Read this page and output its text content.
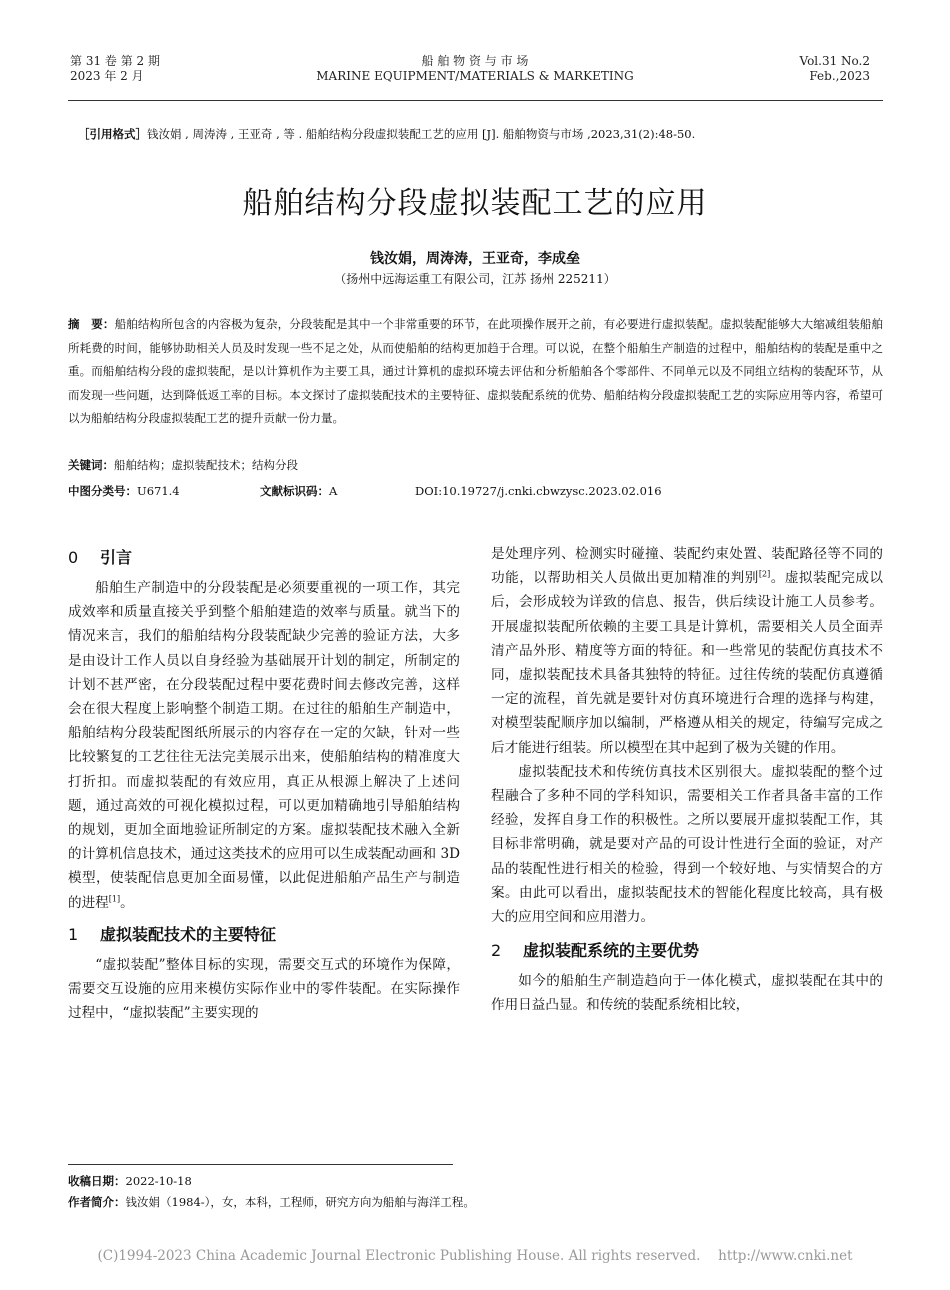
第 31 卷 第 2 期
2023 年 2 月
船 舶 物 资 与 市 场
MARINE EQUIPMENT/MATERIALS & MARKETING
Vol.31 No.2
Feb.,2023
［引用格式］钱汝娟 , 周涛涛 , 王亚奇 , 等 . 船舶结构分段虚拟装配工艺的应用 [J]. 船舶物资与市场 ,2023,31(2):48-50.
船舶结构分段虚拟装配工艺的应用
钱汝娟，周涛涛，王亚奇，李成垒
（扬州中远海运重工有限公司，江苏 扬州 225211）
摘　要：船舶结构所包含的内容极为复杂，分段装配是其中一个非常重要的环节，在此项操作展开之前，有必要进行虚拟装配。虚拟装配能够大大缩减组装船舶所耗费的时间，能够协助相关人员及时发现一些不足之处，从而使船舶的结构更加趋于合理。可以说，在整个船舶生产制造的过程中，船舶结构的装配是重中之重。而船舶结构分段的虚拟装配，是以计算机作为主要工具，通过计算机的虚拟环境去评估和分析船舶各个零部件、不同单元以及不同组立结构的装配环节，从而发现一些问题，达到降低返工率的目标。本文探讨了虚拟装配技术的主要特征、虚拟装配系统的优势、船舶结构分段虚拟装配工艺的实际应用等内容，希望可以为船舶结构分段虚拟装配工艺的提升贡献一份力量。
关键词：船舶结构；虚拟装配技术；结构分段
中图分类号：U671.4	文献标识码：A	DOI:10.19727/j.cnki.cbwzysc.2023.02.016
0 引言

船舶生产制造中的分段装配是必须要重视的一项工作，其完成效率和质量直接关乎到整个船舶建造的效率与质量。就当下的情况来言，我们的船舶结构分段装配缺少完善的验证方法，大多是由设计工作人员以自身经验为基础展开计划的制定，所制定的计划不甚严密，在分段装配过程中要花费时间去修改完善，这样会在很大程度上影响整个制造工期。在过往的船舶生产制造中，船舶结构分段装配图纸所展示的内容存在一定的欠缺，针对一些比较繁复的工艺往往无法完美展示出来，使船舶结构的精准度大打折扣。而虚拟装配的有效应用，真正从根源上解决了上述问题，通过高效的可视化模拟过程，可以更加精确地引导船舶结构的规划，更加全面地验证所制定的方案。虚拟装配技术融入全新的计算机信息技术，通过这类技术的应用可以生成装配动画和 3D 模型，使装配信息更加全面易懂，以此促进船舶产品生产与制造的进程[1]。

1 虚拟装配技术的主要特征

“虚拟装配”整体目标的实现，需要交互式的环境作为保障，需要交互设施的应用来模仿实际作业中的零件装配。在实际操作过程中，“虚拟装配”主要实现的

是处理序列、检测实时碰撞、装配约束处置、装配路径等不同的功能，以帮助相关人员做出更加精准的判别[2]。虚拟装配完成以后，会形成较为详致的信息、报告，供后续设计施工人员参考。开展虚拟装配所依赖的主要工具是计算机，需要相关人员全面弄清产品外形、精度等方面的特征。和一些常见的装配仿真技术不同，虚拟装配技术具备其独特的特征。过往传统的装配仿真遵循一定的流程，首先就是要针对仿真环境进行合理的选择与构建，对模型装配顺序加以编制，严格遵从相关的规定，待编写完成之后才能进行组装。所以模型在其中起到了极为关键的作用。

虚拟装配技术和传统仿真技术区别很大。虚拟装配的整个过程融合了多种不同的学科知识，需要相关工作者具备丰富的工作经验，发挥自身工作的积极性。之所以要展开虚拟装配工作，其目标非常明确，就是要对产品的可设计性进行全面的验证，对产品的装配性进行相关的检验，得到一个较好地、与实情契合的方案。由此可以看出，虚拟装配技术的智能化程度比较高，具有极大的应用空间和应用潜力。

2 虚拟装配系统的主要优势

如今的船舶生产制造趋向于一体化模式，虚拟装配在其中的作用日益凸显。和传统的装配系统相比较，

收稿日期：2022-10-18
作者简介：钱汝娟（1984-），女，本科，工程师，研究方向为船舶与海洋工程。
(C)1994-2023 China Academic Journal Electronic Publishing House. All rights reserved.　 http://www.cnki.net
